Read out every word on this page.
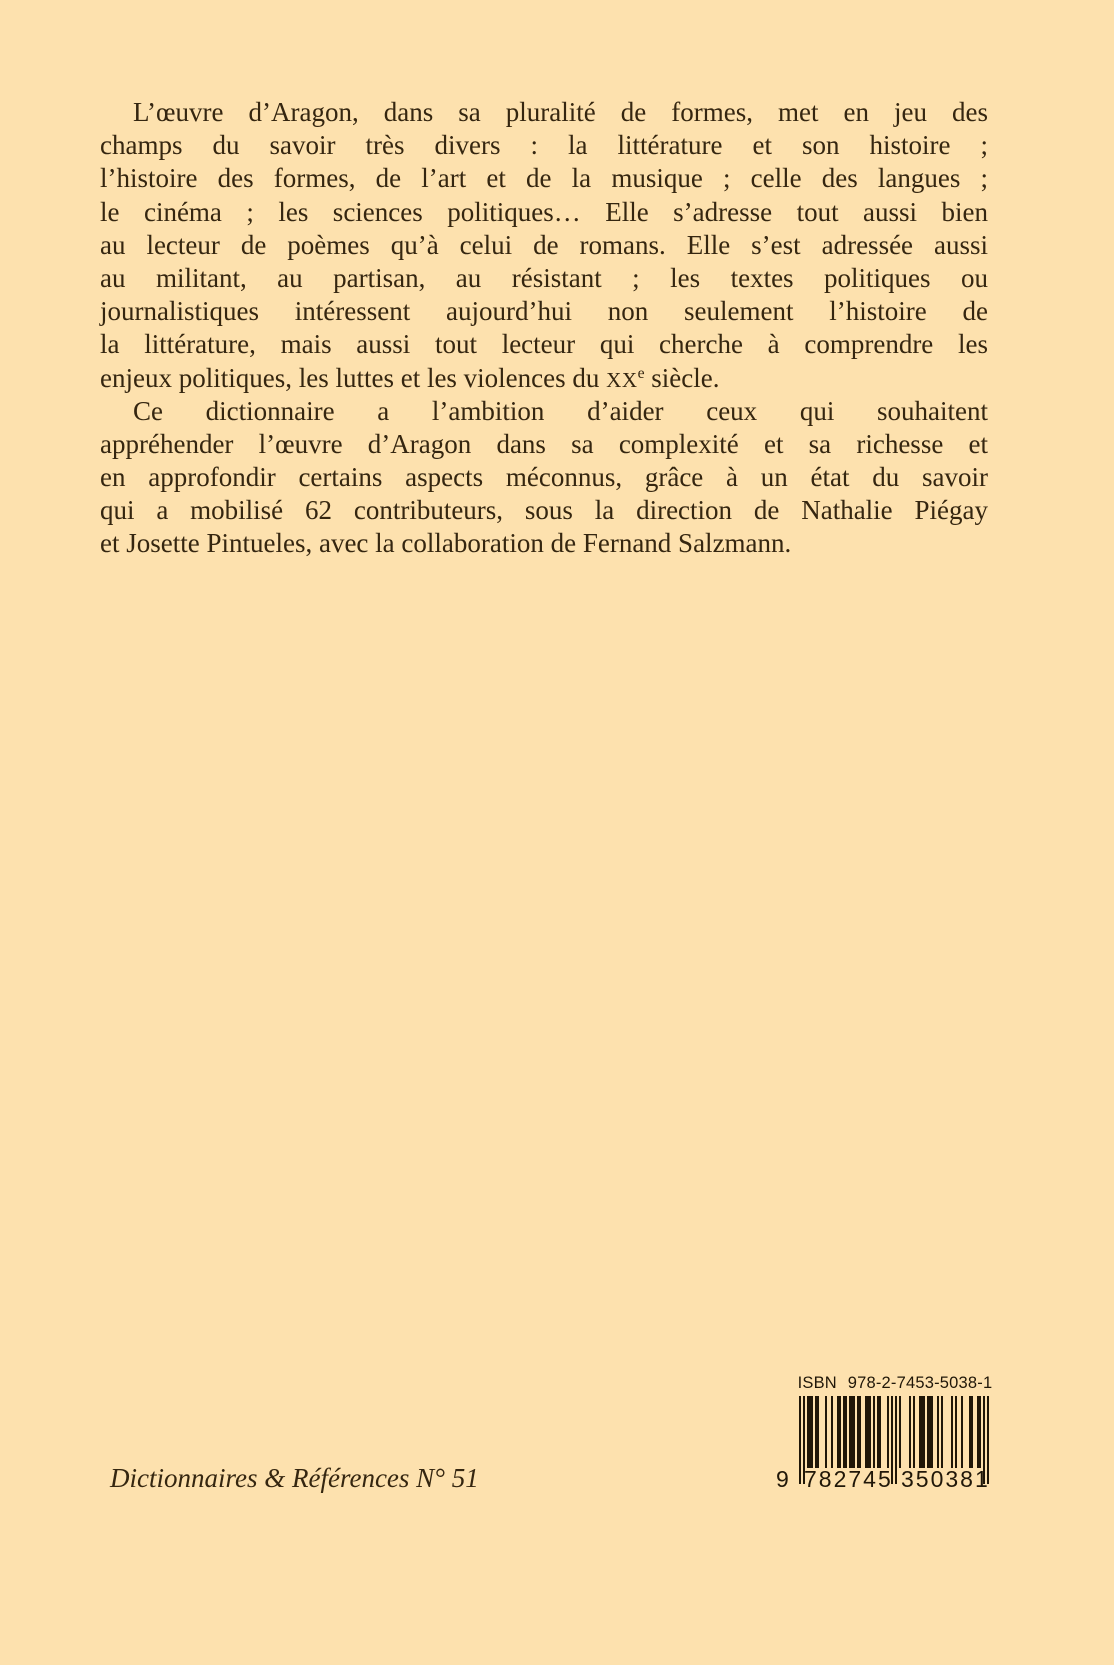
L’œuvre d’Aragon, dans sa pluralité de formes, met en jeu des
champs du savoir très divers : la littérature et son histoire ;
l’histoire des formes, de l’art et de la musique ; celle des langues ;
le cinéma ; les sciences politiques… Elle s’adresse tout aussi bien
au lecteur de poèmes qu’à celui de romans. Elle s’est adressée aussi
au militant, au partisan, au résistant ; les textes politiques ou
journalistiques intéressent aujourd’hui non seulement l’histoire de
la littérature, mais aussi tout lecteur qui cherche à comprendre les
enjeux politiques, les luttes et les violences du XXe siècle.
Ce dictionnaire a l’ambition d’aider ceux qui souhaitent
appréhender l’œuvre d’Aragon dans sa complexité et sa richesse et
en approfondir certains aspects méconnus, grâce à un état du savoir
qui a mobilisé 62 contributeurs, sous la direction de Nathalie Piégay
et Josette Pintueles, avec la collaboration de Fernand Salzmann.
Dictionnaires & Références N° 51
ISBN 978-2-7453-5038-1
9 782745 350381
